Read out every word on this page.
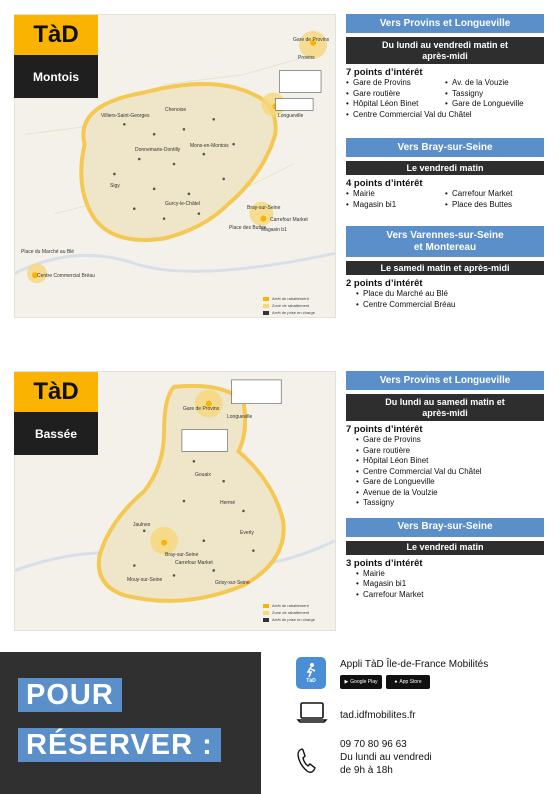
Gare de Provins
Provins
Longueville
Villiers-Saint-Georges
Chenoise
Donnemarie-Dontilly
Mons-en-Montois
Sigy
Gurcy-le-Châtel
Bray-sur-Seine
Place des Buttes
Carrefour Market
Magasin b1
Place du Marché au Blé
Centre Commercial Bréau
Arrêt de rabattement
Zone de rabattement
Arrêt de prise en charge
TàD
Montois
Vers Provins et Longueville
Du lundi au vendredi matin et après-midi
7 points d’intérêt
• Gare de Provins
• Gare routière
• Hôpital Léon Binet
• Centre Commercial Val du Châtel
• Av. de la Vouzie
• Tassigny
• Gare de Longueville
Vers Bray-sur-Seine
Le vendredi matin
4 points d’intérêt
• Mairie
• Magasin bi1
• Carrefour Market
• Place des Buttes
Vers Varennes-sur-Seine et Montereau
Le samedi matin et après-midi
2 points d’intérêt
• Place du Marché au Blé
• Centre Commercial Bréau
Gare de Provins
Longueville
Bray-sur-Seine
Carrefour Market
Gouaix
Hermé
Everly
Jaulnes
Mouy-sur-Seine	Grisy-sur-Seine
Arrêt de rabattement
Zone de rabattement
Arrêt de prise en charge
TàD
Bassée
Vers Provins et Longueville
Du lundi au samedi matin et après-midi
7 points d’intérêt
• Gare de Provins
• Gare routière
• Hôpital Léon Binet
• Centre Commercial Val du Châtel
• Gare de Longueville
• Avenue de la Voulzie
• Tassigny
Vers Bray-sur-Seine
Le vendredi matin
3 points d’intérêt
• Mairie
• Magasin bi1
• Carrefour Market
POUR
RÉSERVER :
TàD
Appli TàD Île-de-France Mobilités
▶ Google Play	● App Store
tad.idfmobilites.fr
09 70 80 96 63
Du lundi au vendredi
de 9h à 18h
